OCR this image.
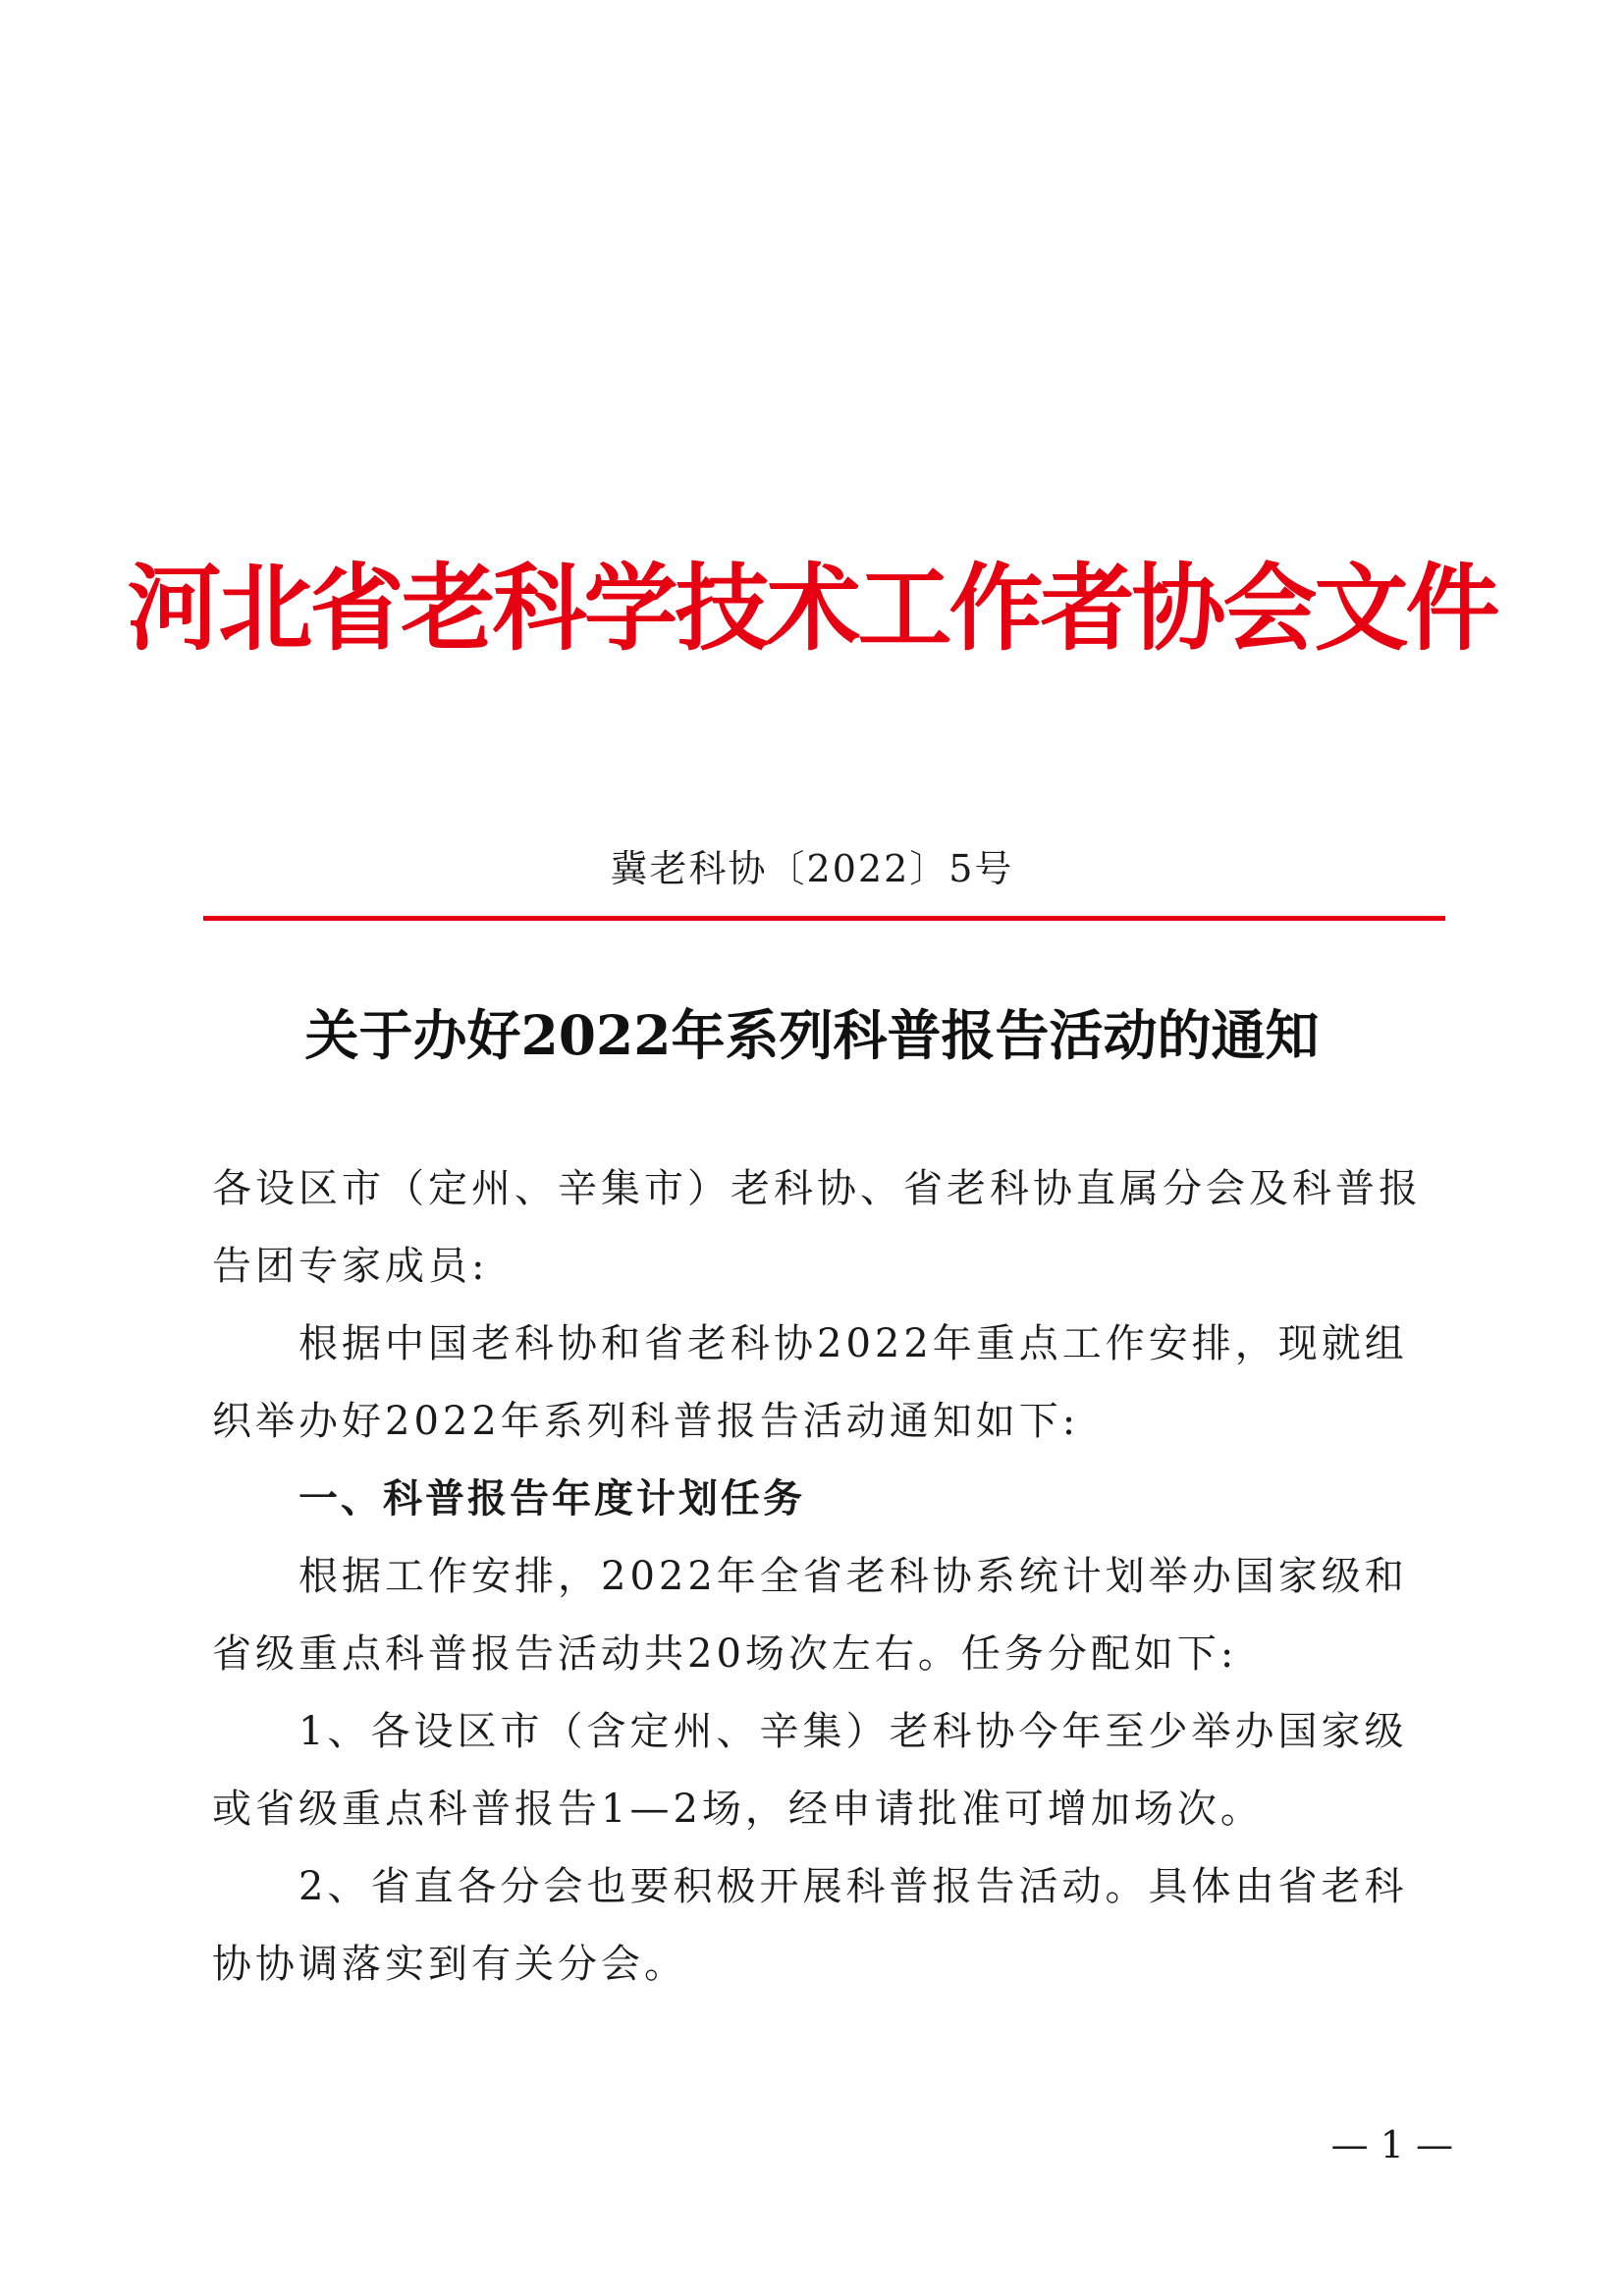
河北省老科学技术工作者协会文件
冀老科协〔2022〕5号
关于办好2022年系列科普报告活动的通知

各设区市（定州、辛集市）老科协、省老科协直属分会及科普报告团专家成员:

根据中国老科协和省老科协2022年重点工作安排，现就组织举办好2022年系列科普报告活动通知如下:

一、科普报告年度计划任务

根据工作安排，2022年全省老科协系统计划举办国家级和省级重点科普报告活动共20场次左右。任务分配如下:

1、各设区市（含定州、辛集）老科协今年至少举办国家级或省级重点科普报告1—2场，经申请批准可增加场次。

2、省直各分会也要积极开展科普报告活动。具体由省老科协协调落实到有关分会。

— 1 —
